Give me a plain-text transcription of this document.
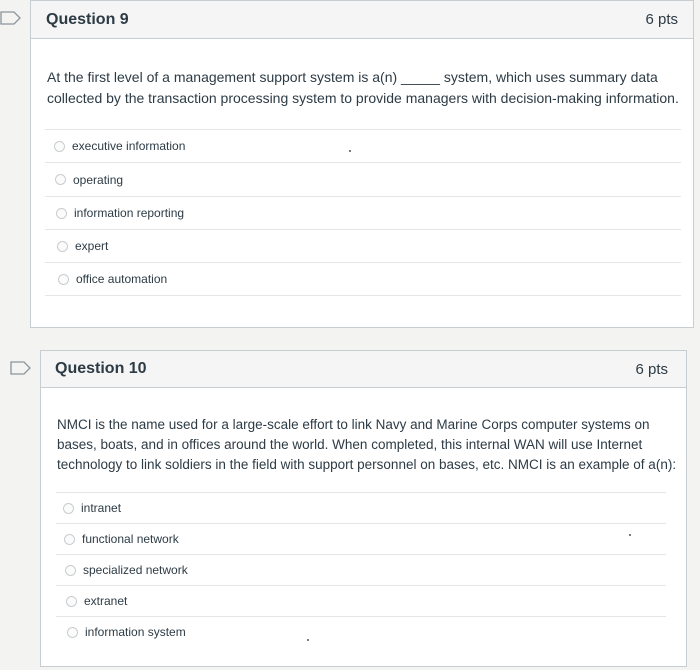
Question 9	6 pts
At the first level of a management support system is a(n) _____ system, which uses summary data
collected by the transaction processing system to provide managers with decision-making information.
executive information
operating
information reporting
expert
office automation
Question 10	6 pts
NMCI is the name used for a large-scale effort to link Navy and Marine Corps computer systems on
bases, boats, and in offices around the world. When completed, this internal WAN will use Internet
technology to link soldiers in the field with support personnel on bases, etc. NMCI is an example of a(n):
intranet
functional network
specialized network
extranet
information system
